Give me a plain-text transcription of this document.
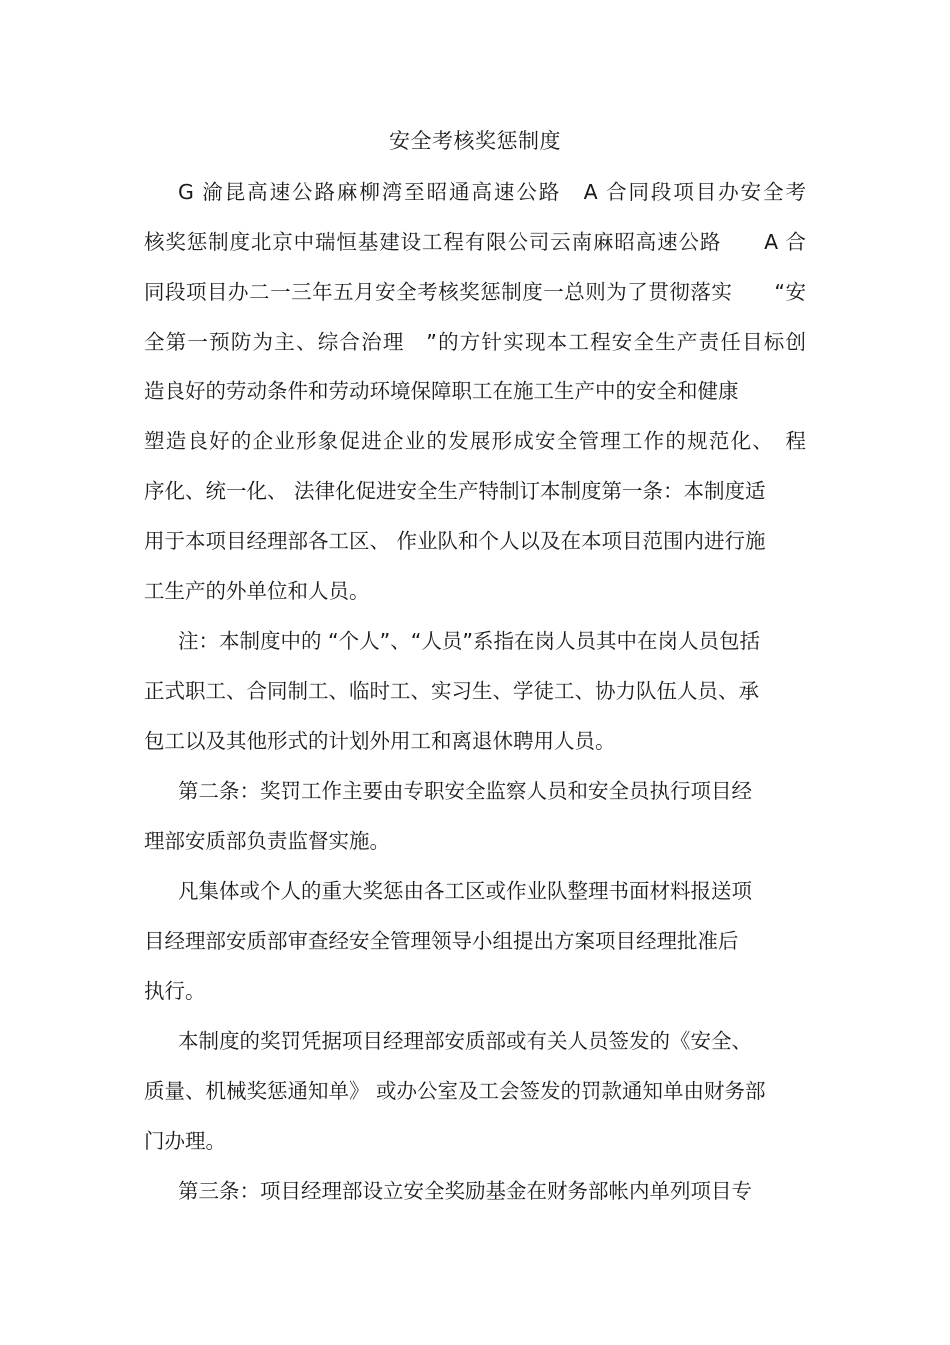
安全考核奖惩制度
G 渝昆高速公路麻柳湾至昭通高速公路　A 合同段项目办安全考
核奖惩制度北京中瑞恒基建设工程有限公司云南麻昭高速公路　　A 合
同段项目办二一三年五月安全考核奖惩制度一总则为了贯彻落实　　“安
全第一预防为主、综合治理　”的方针实现本工程安全生产责任目标创
造良好的劳动条件和劳动环境保障职工在施工生产中的安全和健康
塑造良好的企业形象促进企业的发展形成安全管理工作的规范化、　程
序化、统一化、 法律化促进安全生产特制订本制度第一条：本制度适
用于本项目经理部各工区、 作业队和个人以及在本项目范围内进行施
工生产的外单位和人员。
注：本制度中的 “个人”、“人员”系指在岗人员其中在岗人员包括
正式职工、合同制工、临时工、实习生、学徒工、协力队伍人员、承
包工以及其他形式的计划外用工和离退休聘用人员。
第二条：奖罚工作主要由专职安全监察人员和安全员执行项目经
理部安质部负责监督实施。
凡集体或个人的重大奖惩由各工区或作业队整理书面材料报送项
目经理部安质部审查经安全管理领导小组提出方案项目经理批准后
执行。
本制度的奖罚凭据项目经理部安质部或有关人员签发的《安全、
质量、机械奖惩通知单》 或办公室及工会签发的罚款通知单由财务部
门办理。
第三条：项目经理部设立安全奖励基金在财务部帐内单列项目专
